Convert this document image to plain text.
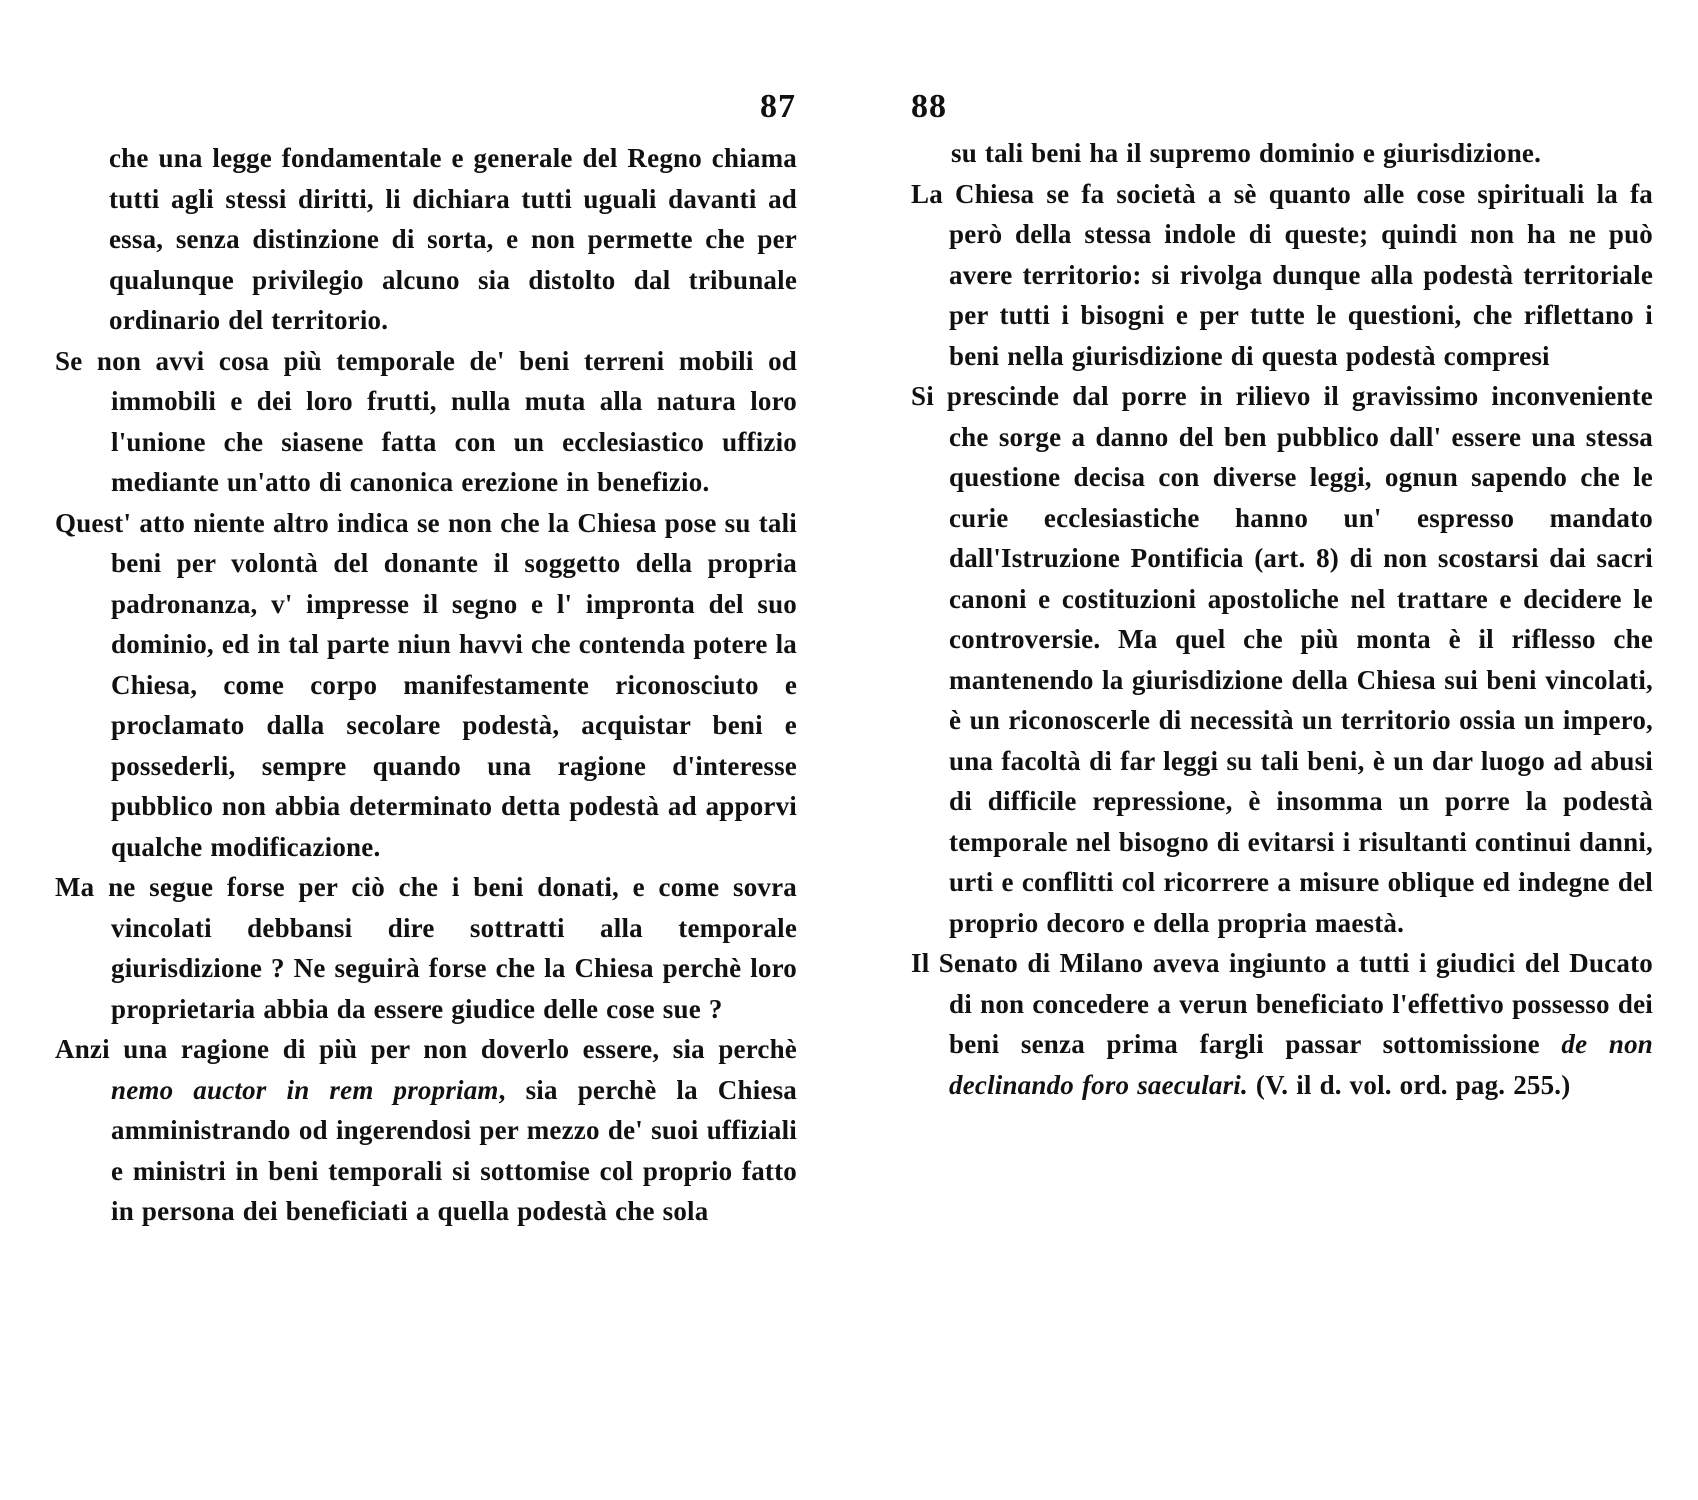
87

che una legge fondamentale e generale del Regno chiama tutti agli stessi diritti, li dichiara tutti uguali davanti ad essa, senza distinzione di sorta, e non permette che per qualunque privilegio alcuno sia distolto dal tribunale ordinario del territorio.

Se non avvi cosa più temporale de' beni terreni mobili od immobili e dei loro frutti, nulla muta alla natura loro l'unione che siasene fatta con un ecclesiastico uffizio mediante un'atto di canonica erezione in benefizio.

Quest' atto niente altro indica se non che la Chiesa pose su tali beni per volontà del donante il soggetto della propria padronanza, v' impresse il segno e l' impronta del suo dominio, ed in tal parte niun havvi che contenda potere la Chiesa, come corpo manifestamente riconosciuto e proclamato dalla secolare podestà, acquistar beni e possederli, sempre quando una ragione d'interesse pubblico non abbia determinato detta podestà ad apporvi qualche modificazione.

Ma ne segue forse per ciò che i beni donati, e come sovra vincolati debbansi dire sottratti alla temporale giurisdizione ? Ne seguirà forse che la Chiesa perchè loro proprietaria abbia da essere giudice delle cose sue ?

Anzi una ragione di più per non doverlo essere, sia perchè nemo auctor in rem propriam, sia perchè la Chiesa amministrando od ingerendosi per mezzo de' suoi uffiziali e ministri in beni temporali si sottomise col proprio fatto in persona dei beneficiati a quella podestà che sola

88

su tali beni ha il supremo dominio e giurisdizione.

La Chiesa se fa società a sè quanto alle cose spirituali la fa però della stessa indole di queste; quindi non ha ne può avere territorio: si rivolga dunque alla podestà territoriale per tutti i bisogni e per tutte le questioni, che riflettano i beni nella giurisdizione di questa podestà compresi

Si prescinde dal porre in rilievo il gravissimo inconveniente che sorge a danno del ben pubblico dall' essere una stessa questione decisa con diverse leggi, ognun sapendo che le curie ecclesiastiche hanno un' espresso mandato dall'Istruzione Pontificia (art. 8) di non scostarsi dai sacri canoni e costituzioni apostoliche nel trattare e decidere le controversie. Ma quel che più monta è il riflesso che mantenendo la giurisdizione della Chiesa sui beni vincolati, è un riconoscerle di necessità un territorio ossia un impero, una facoltà di far leggi su tali beni, è un dar luogo ad abusi di difficile repressione, è insomma un porre la podestà temporale nel bisogno di evitarsi i risultanti continui danni, urti e conflitti col ricorrere a misure oblique ed indegne del proprio decoro e della propria maestà.

Il Senato di Milano aveva ingiunto a tutti i giudici del Ducato di non concedere a verun beneficiato l'effettivo possesso dei beni senza prima fargli passar sottomissione de non declinando foro saeculari. (V. il d. vol. ord. pag. 255.)
